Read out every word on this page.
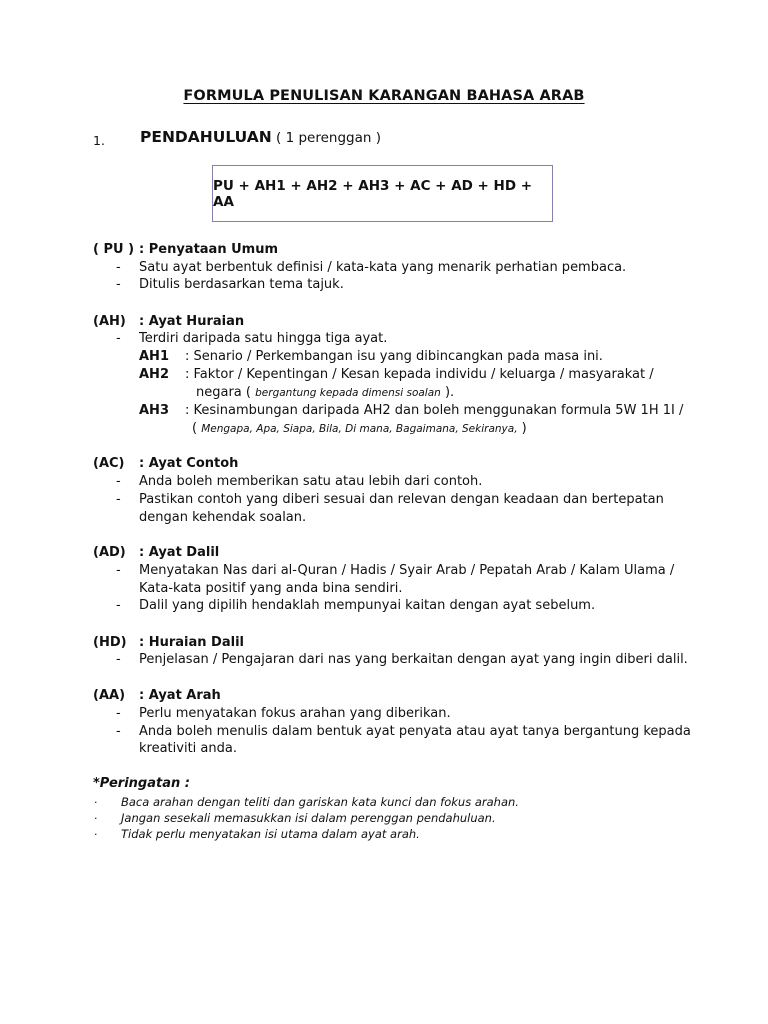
FORMULA PENULISAN KARANGAN BAHASA ARAB
1. PENDAHULUAN ( 1 perenggan )
PU + AH1 + AH2 + AH3 + AC + AD + HD + AA
( PU ) : Penyataan Umum
- Satu ayat berbentuk definisi / kata-kata yang menarik perhatian pembaca.
- Ditulis berdasarkan tema tajuk.
(AH) : Ayat Huraian
- Terdiri daripada satu hingga tiga ayat.
AH1 : Senario / Perkembangan isu yang dibincangkan pada masa ini.
AH2 : Faktor / Kepentingan / Kesan kepada individu / keluarga / masyarakat /
negara ( bergantung kepada dimensi soalan ).
AH3 : Kesinambungan daripada AH2 dan boleh menggunakan formula 5W 1H 1I /
( Mengapa, Apa, Siapa, Bila, Di mana, Bagaimana, Sekiranya, )
(AC) : Ayat Contoh
- Anda boleh memberikan satu atau lebih dari contoh.
- Pastikan contoh yang diberi sesuai dan relevan dengan keadaan dan bertepatan
dengan kehendak soalan.
(AD) : Ayat Dalil
- Menyatakan Nas dari al-Quran / Hadis / Syair Arab / Pepatah Arab / Kalam Ulama /
Kata-kata positif yang anda bina sendiri.
- Dalil yang dipilih hendaklah mempunyai kaitan dengan ayat sebelum.
(HD) : Huraian Dalil
- Penjelasan / Pengajaran dari nas yang berkaitan dengan ayat yang ingin diberi dalil.
(AA) : Ayat Arah
- Perlu menyatakan fokus arahan yang diberikan.
- Anda boleh menulis dalam bentuk ayat penyata atau ayat tanya bergantung kepada
kreativiti anda.
*Peringatan :
· Baca arahan dengan teliti dan gariskan kata kunci dan fokus arahan.
· Jangan sesekali memasukkan isi dalam perenggan pendahuluan.
· Tidak perlu menyatakan isi utama dalam ayat arah.
